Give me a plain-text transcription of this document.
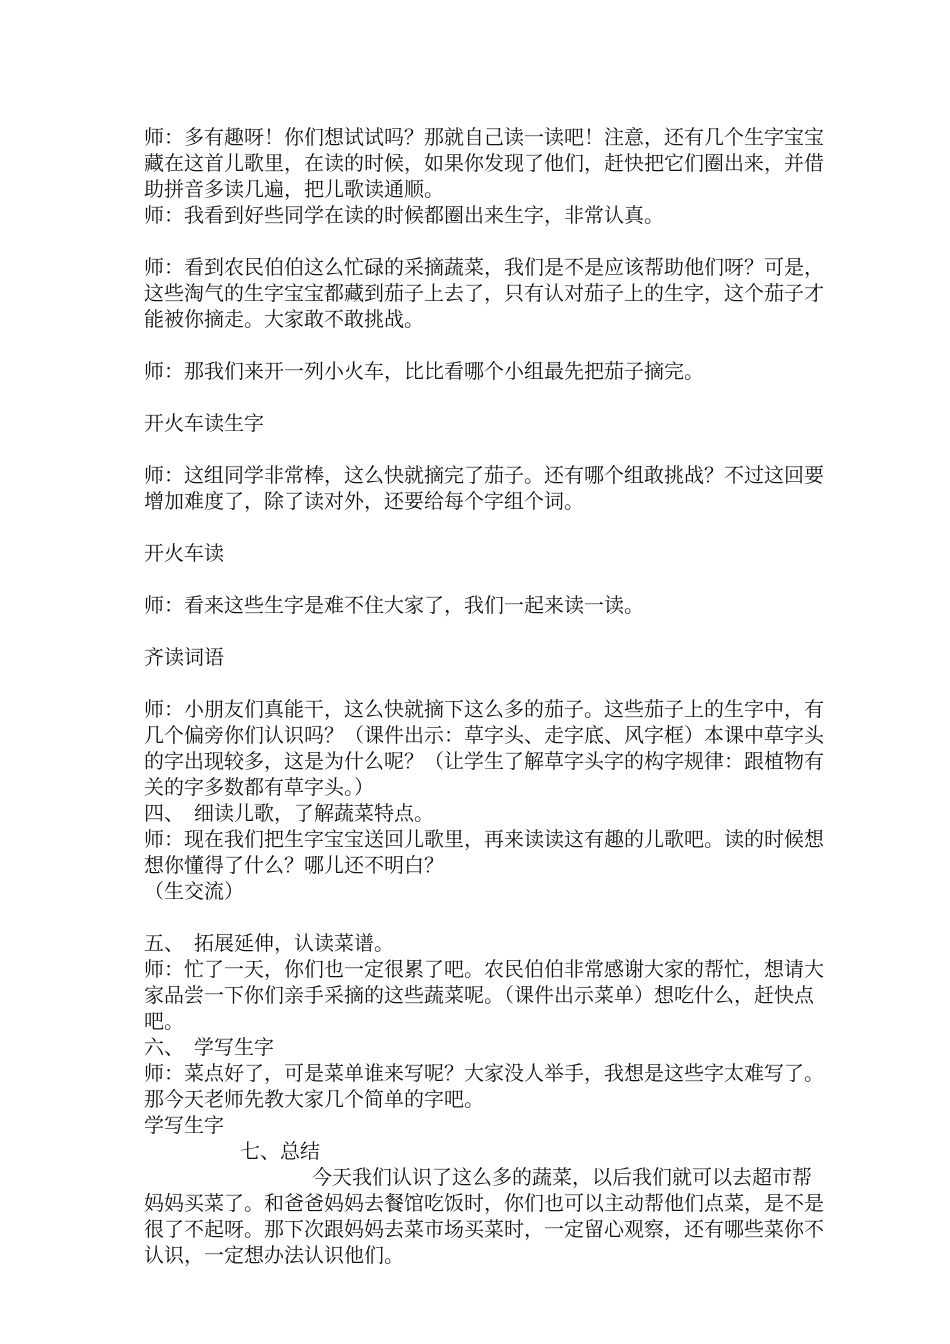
师：多有趣呀！你们想试试吗？那就自己读一读吧！注意，还有几个生字宝宝藏在这首儿歌里，在读的时候，如果你发现了他们，赶快把它们圈出来，并借助拼音多读几遍，把儿歌读通顺。

师：我看到好些同学在读的时候都圈出来生字，非常认真。

师：看到农民伯伯这么忙碌的采摘蔬菜，我们是不是应该帮助他们呀？可是，这些淘气的生字宝宝都藏到茄子上去了，只有认对茄子上的生字，这个茄子才能被你摘走。大家敢不敢挑战。

师：那我们来开一列小火车，比比看哪个小组最先把茄子摘完。

开火车读生字

师：这组同学非常棒，这么快就摘完了茄子。还有哪个组敢挑战？不过这回要增加难度了，除了读对外，还要给每个字组个词。

开火车读

师：看来这些生字是难不住大家了，我们一起来读一读。

齐读词语

师：小朋友们真能干，这么快就摘下这么多的茄子。这些茄子上的生字中，有几个偏旁你们认识吗？（课件出示：草字头、走字底、风字框）本课中草字头的字出现较多，这是为什么呢？（让学生了解草字头字的构字规律：跟植物有关的字多数都有草字头。）

四、　细读儿歌，了解蔬菜特点。

师：现在我们把生字宝宝送回儿歌里，再来读读这有趣的儿歌吧。读的时候想想你懂得了什么？哪儿还不明白？

（生交流）

五、　拓展延伸，认读菜谱。

师：忙了一天，你们也一定很累了吧。农民伯伯非常感谢大家的帮忙，想请大家品尝一下你们亲手采摘的这些蔬菜呢。（课件出示菜单）想吃什么，赶快点吧。

六、　学写生字

师：菜点好了，可是菜单谁来写呢？大家没人举手，我想是这些字太难写了。那今天老师先教大家几个简单的字吧。

学写生字

七、总结

今天我们认识了这么多的蔬菜，以后我们就可以去超市帮妈妈买菜了。和爸爸妈妈去餐馆吃饭时，你们也可以主动帮他们点菜，是不是很了不起呀。那下次跟妈妈去菜市场买菜时，一定留心观察，还有哪些菜你不认识，一定想办法认识他们。
